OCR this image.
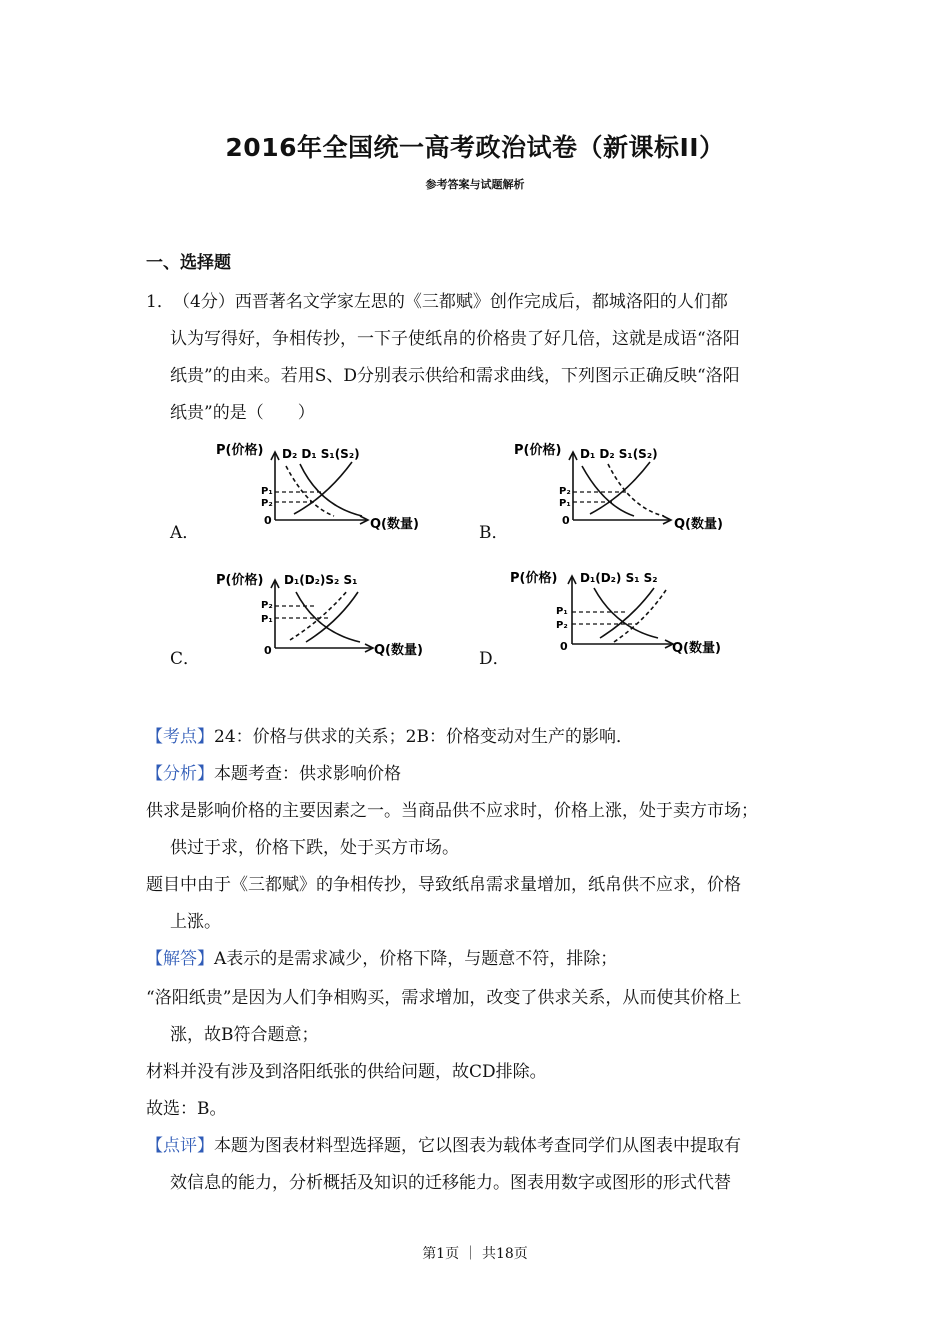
2016年全国统一高考政治试卷（新课标II）
参考答案与试题解析
一、选择题
1． （4分）西晋著名文学家左思的《三都赋》创作完成后，都城洛阳的人们都
认为写得好，争相传抄，一下子使纸帛的价格贵了好几倍，这就是成语“洛阳
纸贵”的由来。若用S、D分别表示供给和需求曲线，下列图示正确反映“洛阳
纸贵”的是（　　）
A．
P(价格) D₂ D₁ S₁(S₂)
P₁
P₂
0	Q(数量)	B．
P(价格) D₁ D₂ S₁(S₂)
P₂
P₁
0	Q(数量)
C．
P(价格) D₁(D₂)S₂ S₁
P₂
P₁
0	Q(数量)	D．
P(价格) D₁(D₂) S₁ S₂
P₁
P₂
0	Q(数量)
【考点】24：价格与供求的关系；2B：价格变动对生产的影响．
【分析】本题考查：供求影响价格
供求是影响价格的主要因素之一。当商品供不应求时，价格上涨，处于卖方市场；
供过于求，价格下跌，处于买方市场。
题目中由于《三都赋》的争相传抄，导致纸帛需求量增加，纸帛供不应求，价格
上涨。
【解答】A表示的是需求减少，价格下降，与题意不符，排除；
“洛阳纸贵”是因为人们争相购买，需求增加，改变了供求关系，从而使其价格上
涨，故B符合题意；
材料并没有涉及到洛阳纸张的供给问题，故CD排除。
故选：B。
【点评】本题为图表材料型选择题，它以图表为载体考查同学们从图表中提取有
效信息的能力，分析概括及知识的迁移能力。图表用数字或图形的形式代替
第1页 ｜ 共18页
